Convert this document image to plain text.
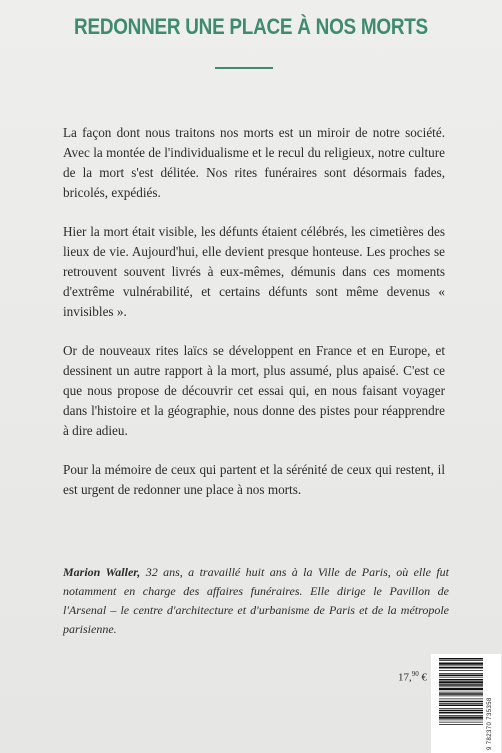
REDONNER UNE PLACE À NOS MORTS

La façon dont nous traitons nos morts est un miroir de notre société. Avec la montée de l'individualisme et le recul du religieux, notre culture de la mort s'est délitée. Nos rites funéraires sont désormais fades, bricolés, expédiés.

Hier la mort était visible, les défunts étaient célébrés, les cimetières des lieux de vie. Aujourd'hui, elle devient presque honteuse. Les proches se retrouvent souvent livrés à eux-mêmes, démunis dans ces moments d'extrême vulnérabilité, et certains défunts sont même devenus « invisibles ».

Or de nouveaux rites laïcs se développent en France et en Europe, et dessinent un autre rapport à la mort, plus assumé, plus apaisé. C'est ce que nous propose de découvrir cet essai qui, en nous faisant voyager dans l'histoire et la géographie, nous donne des pistes pour réapprendre à dire adieu.

Pour la mémoire de ceux qui partent et la sérénité de ceux qui restent, il est urgent de redonner une place à nos morts.

Marion Waller, 32 ans, a travaillé huit ans à la Ville de Paris, où elle fut notamment en charge des affaires funéraires. Elle dirige le Pavillon de l'Arsenal – le centre d'architecture et d'urbanisme de Paris et de la métropole parisienne.
17,90 €
9 782370 735358
